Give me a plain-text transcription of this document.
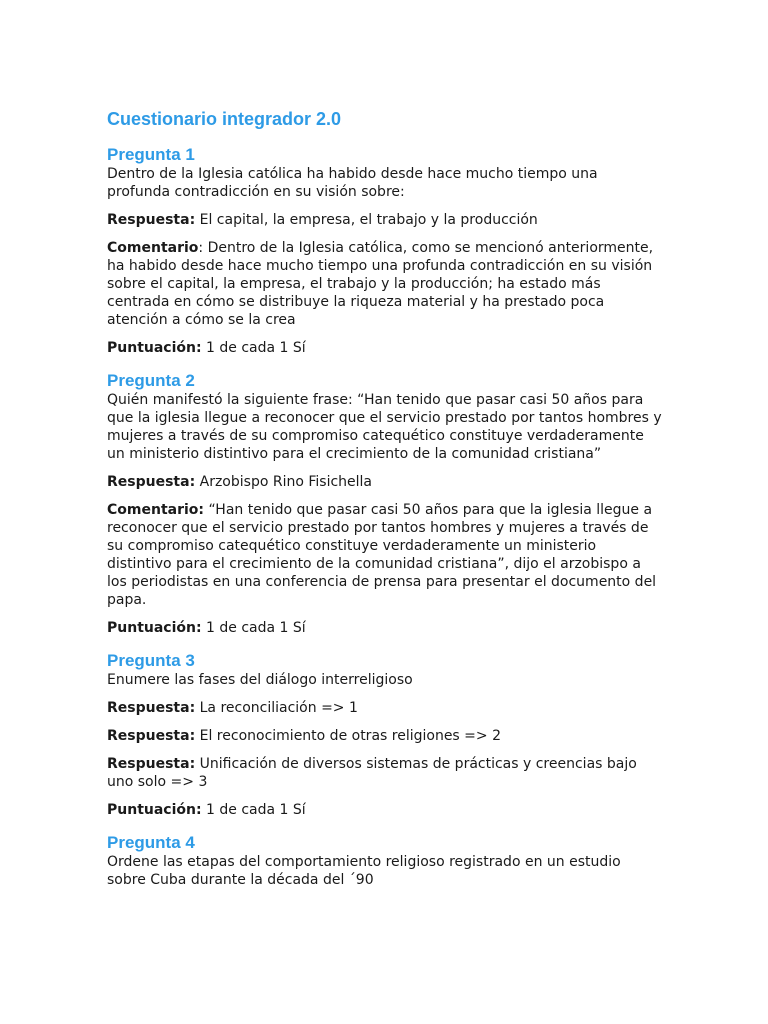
Cuestionario integrador 2.0
Pregunta 1

Dentro de la Iglesia católica ha habido desde hace mucho tiempo una profunda contradicción en su visión sobre:

Respuesta: El capital, la empresa, el trabajo y la producción

Comentario: Dentro de la Iglesia católica, como se mencionó anteriormente, ha habido desde hace mucho tiempo una profunda contradicción en su visión sobre el capital, la empresa, el trabajo y la producción; ha estado más centrada en cómo se distribuye la riqueza material y ha prestado poca atención a cómo se la crea

Puntuación: 1 de cada 1 Sí

Pregunta 2

Quién manifestó la siguiente frase: “Han tenido que pasar casi 50 años para que la iglesia llegue a reconocer que el servicio prestado por tantos hombres y mujeres a través de su compromiso catequético constituye verdaderamente un ministerio distintivo para el crecimiento de la comunidad cristiana”

Respuesta: Arzobispo Rino Fisichella

Comentario: “Han tenido que pasar casi 50 años para que la iglesia llegue a reconocer que el servicio prestado por tantos hombres y mujeres a través de su compromiso catequético constituye verdaderamente un ministerio distintivo para el crecimiento de la comunidad cristiana”, dijo el arzobispo a los periodistas en una conferencia de prensa para presentar el documento del papa.

Puntuación: 1 de cada 1 Sí

Pregunta 3

Enumere las fases del diálogo interreligioso

Respuesta: La reconciliación => 1

Respuesta: El reconocimiento de otras religiones => 2

Respuesta: Unificación de diversos sistemas de prácticas y creencias bajo uno solo => 3

Puntuación: 1 de cada 1 Sí

Pregunta 4

Ordene las etapas del comportamiento religioso registrado en un estudio sobre Cuba durante la década del ´90
